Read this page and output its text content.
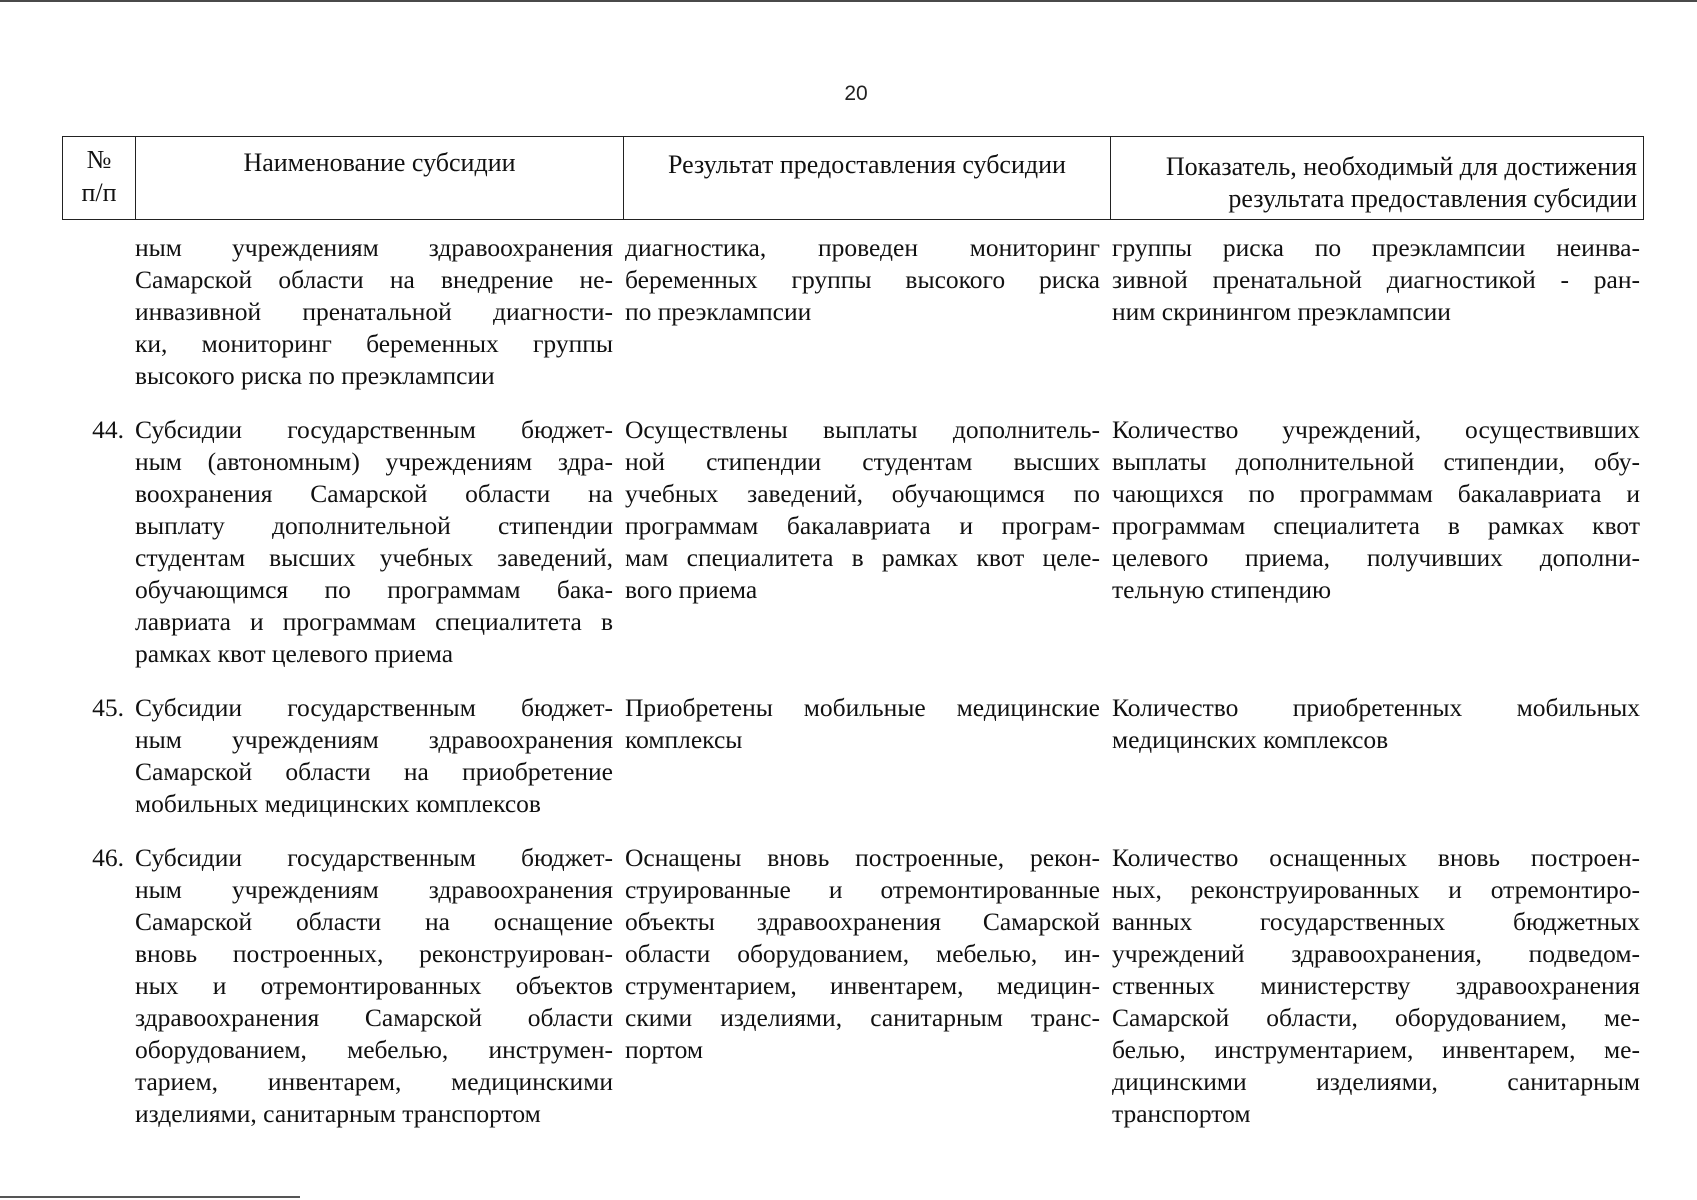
20
№
п/п
Наименование субсидии	Результат предоставления субсидии	Показатель, необходимый для достижения
результата предоставления субсидии
ным учреждениям здравоохранения
Самарской области на внедрение не-
инвазивной пренатальной диагности-
ки, мониторинг беременных группы
высокого риска по преэклампсии
диагностика, проведен мониторинг
беременных группы высокого риска
по преэклампсии
группы риска по преэклампсии неинва-
зивной пренатальной диагностикой - ран-
ним скринингом преэклампсии
44. Субсидии государственным бюджет-
ным (автономным) учреждениям здра-
воохранения Самарской области на
выплату дополнительной стипендии
студентам высших учебных заведений,
обучающимся по программам бака-
лавриата и программам специалитета в
рамках квот целевого приема
Осуществлены выплаты дополнитель-
ной стипендии студентам высших
учебных заведений, обучающимся по
программам бакалавриата и програм-
мам специалитета в рамках квот целе-
вого приема
Количество учреждений, осуществивших
выплаты дополнительной стипендии, обу-
чающихся по программам бакалавриата и
программам специалитета в рамках квот
целевого приема, получивших дополни-
тельную стипендию
45. Субсидии государственным бюджет-
ным учреждениям здравоохранения
Самарской области на приобретение
мобильных медицинских комплексов
Приобретены мобильные медицинские
комплексы
Количество приобретенных мобильных
медицинских комплексов
46. Субсидии государственным бюджет-
ным учреждениям здравоохранения
Самарской области на оснащение
вновь построенных, реконструирован-
ных и отремонтированных объектов
здравоохранения Самарской области
оборудованием, мебелью, инструмен-
тарием, инвентарем, медицинскими
изделиями, санитарным транспортом
Оснащены вновь построенные, рекон-
струированные и отремонтированные
объекты здравоохранения Самарской
области оборудованием, мебелью, ин-
струментарием, инвентарем, медицин-
скими изделиями, санитарным транс-
портом
Количество оснащенных вновь построен-
ных, реконструированных и отремонтиро-
ванных государственных бюджетных
учреждений здравоохранения, подведом-
ственных министерству здравоохранения
Самарской области, оборудованием, ме-
белью, инструментарием, инвентарем, ме-
дицинскими изделиями, санитарным
транспортом
